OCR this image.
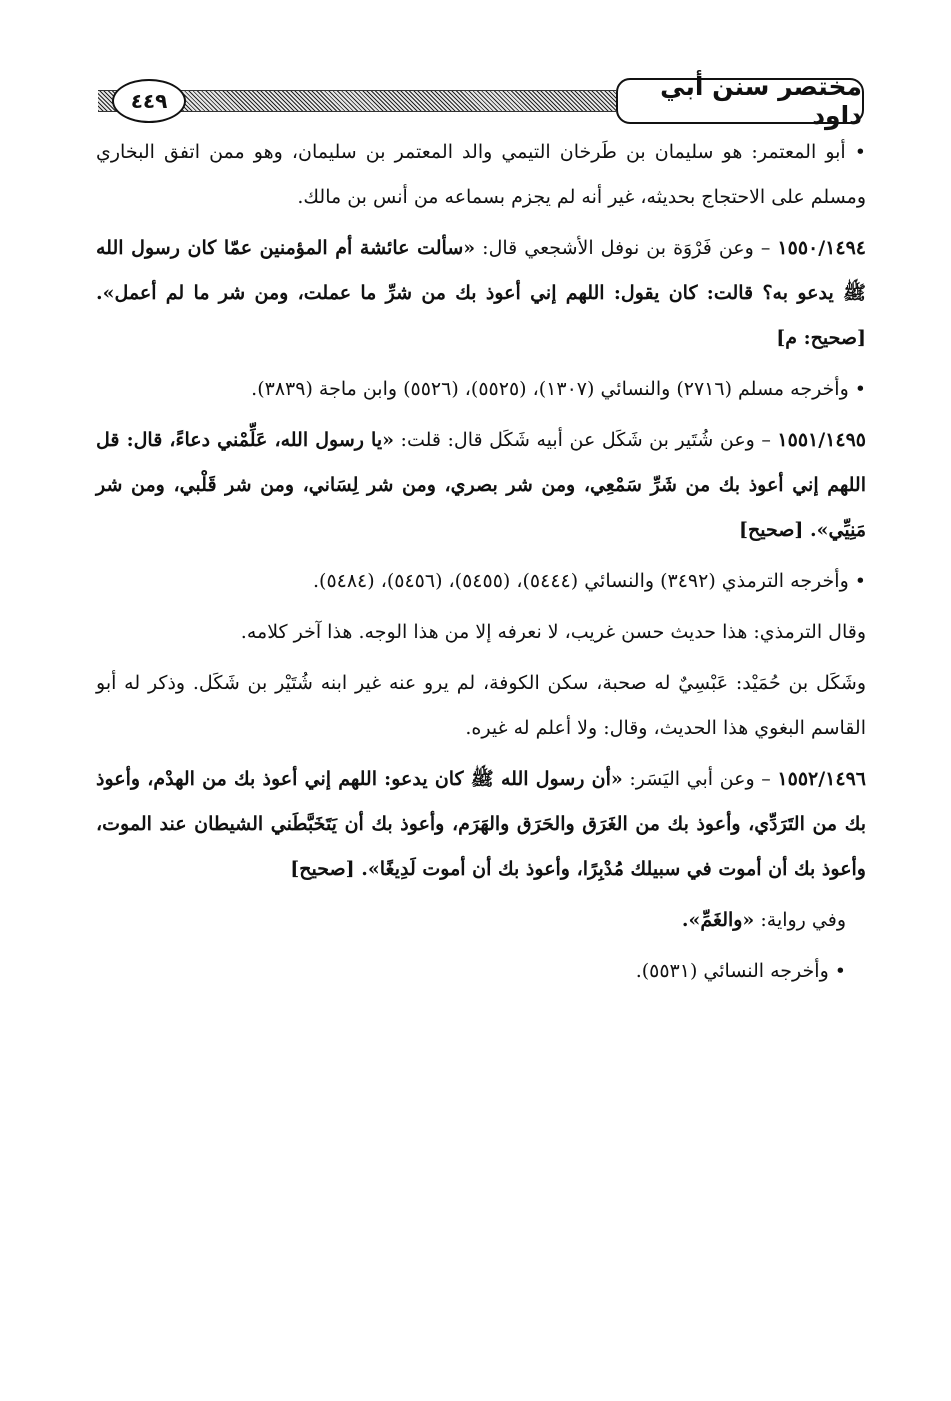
٤٤٩	مختصر سنن أبي داود

• أبو المعتمر: هو سليمان بن طَرخان التيمي والد المعتمر بن سليمان، وهو ممن اتفق البخاري ومسلم على الاحتجاج بحديثه، غير أنه لم يجزم بسماعه من أنس بن مالك.

١٥٥٠/١٤٩٤ – وعن فَرْوَة بن نوفل الأشجعي قال: «سألت عائشة أم المؤمنين عمّا كان رسول الله ﷺ يدعو به؟ قالت: كان يقول: اللهم إني أعوذ بك من شرِّ ما عملت، ومن شر ما لم أعمل». [صحيح: م]

• وأخرجه مسلم (٢٧١٦) والنسائي (١٣٠٧)، (٥٥٢٥)، (٥٥٢٦) وابن ماجة (٣٨٣٩).

١٥٥١/١٤٩٥ – وعن شُتَير بن شَكَل عن أبيه شَكَل قال: قلت: «يا رسول الله، عَلِّمْني دعاءً، قال: قل اللهم إني أعوذ بك من شَرِّ سَمْعِي، ومن شر بصري، ومن شر لِسَاني، ومن شر قَلْبي، ومن شر مَنِيِّي». [صحيح]

• وأخرجه الترمذي (٣٤٩٢) والنسائي (٥٤٤٤)، (٥٤٥٥)، (٥٤٥٦)، (٥٤٨٤).

وقال الترمذي: هذا حديث حسن غريب، لا نعرفه إلا من هذا الوجه. هذا آخر كلامه.

وشَكَل بن حُمَيْد: عَبْسِيٌ له صحبة، سكن الكوفة، لم يرو عنه غير ابنه شُتَيْر بن شَكَل. وذكر له أبو القاسم البغوي هذا الحديث، وقال: ولا أعلم له غيره.

١٥٥٢/١٤٩٦ – وعن أبي اليَسَر: «أن رسول الله ﷺ كان يدعو: اللهم إني أعوذ بك من الهدْم، وأعوذ بك من التَرَدِّي، وأعوذ بك من الغَرَق والحَرَق والهَرَم، وأعوذ بك أن يَتَخَبَّطَني الشيطان عند الموت، وأعوذ بك أن أموت في سبيلك مُدْبِرًا، وأعوذ بك أن أموت لَدِيغًا». [صحيح]

وفي رواية: «والغَمِّ».

• وأخرجه النسائي (٥٥٣١).
